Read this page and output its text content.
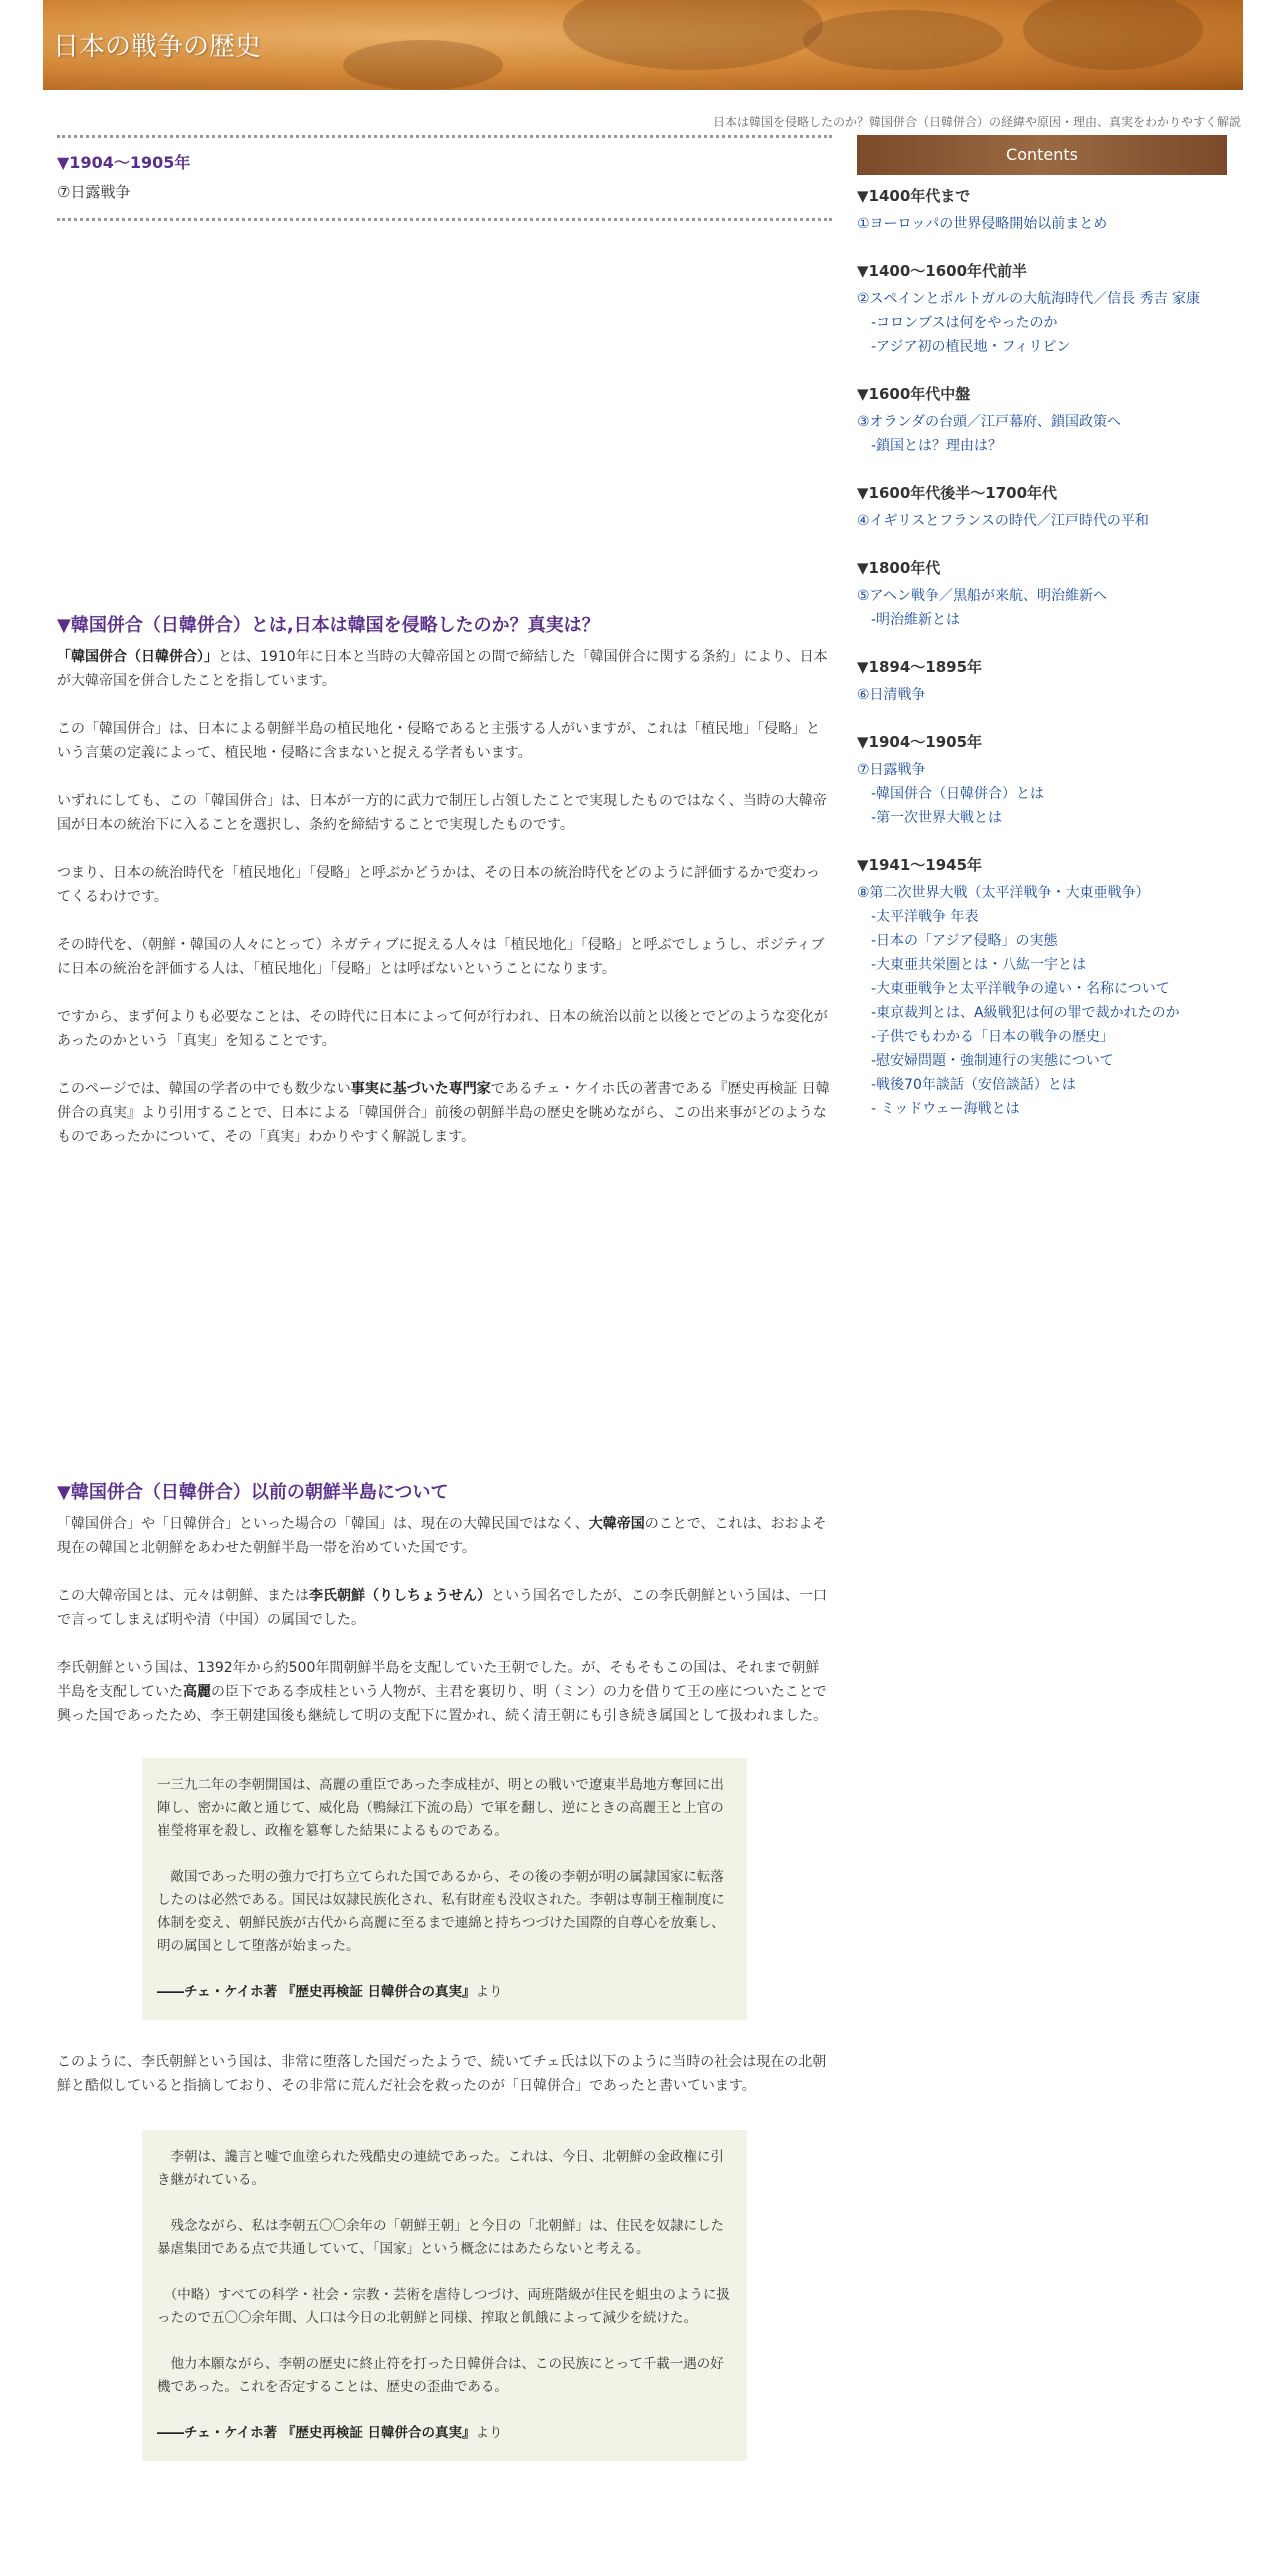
日本の戦争の歴史
日本は韓国を侵略したのか？韓国併合（日韓併合）の経緯や原因・理由、真実をわかりやすく解説
▼1904〜1905年
⑦日露戦争
▼韓国併合（日韓併合）とは,日本は韓国を侵略したのか？真実は？

「韓国併合（日韓併合）」とは、1910年に日本と当時の大韓帝国との間で締結した「韓国併合に関する条約」により、日本が大韓帝国を併合したことを指しています。

この「韓国併合」は、日本による朝鮮半島の植民地化・侵略であると主張する人がいますが、これは「植民地」「侵略」という言葉の定義によって、植民地・侵略に含まないと捉える学者もいます。

いずれにしても、この「韓国併合」は、日本が一方的に武力で制圧し占領したことで実現したものではなく、当時の大韓帝国が日本の統治下に入ることを選択し、条約を締結することで実現したものです。

つまり、日本の統治時代を「植民地化」「侵略」と呼ぶかどうかは、その日本の統治時代をどのように評価するかで変わってくるわけです。

その時代を、（朝鮮・韓国の人々にとって）ネガティブに捉える人々は「植民地化」「侵略」と呼ぶでしょうし、ポジティブに日本の統治を評価する人は、「植民地化」「侵略」とは呼ばないということになります。

ですから、まず何よりも必要なことは、その時代に日本によって何が行われ、日本の統治以前と以後とでどのような変化があったのかという「真実」を知ることです。

このページでは、韓国の学者の中でも数少ない事実に基づいた専門家であるチェ・ケイホ氏の著書である『歴史再検証 日韓併合の真実』より引用することで、日本による「韓国併合」前後の朝鮮半島の歴史を眺めながら、この出来事がどのようなものであったかについて、その「真実」わかりやすく解説します。

▼韓国併合（日韓併合）以前の朝鮮半島について

「韓国併合」や「日韓併合」といった場合の「韓国」は、現在の大韓民国ではなく、大韓帝国のことで、これは、おおよそ現在の韓国と北朝鮮をあわせた朝鮮半島一帯を治めていた国です。

この大韓帝国とは、元々は朝鮮、または李氏朝鮮（りしちょうせん）という国名でしたが、この李氏朝鮮という国は、一口で言ってしまえば明や清（中国）の属国でした。

李氏朝鮮という国は、1392年から約500年間朝鮮半島を支配していた王朝でした。が、そもそもこの国は、それまで朝鮮半島を支配していた高麗の臣下である李成桂という人物が、主君を裏切り、明（ミン）の力を借りて王の座についたことで興った国であったため、李王朝建国後も継続して明の支配下に置かれ、続く清王朝にも引き続き属国として扱われました。

一三九二年の李朝開国は、高麗の重臣であった李成桂が、明との戦いで遼東半島地方奪回に出陣し、密かに敵と通じて、威化島（鴨緑江下流の島）で軍を翻し、逆にときの高麗王と上官の崔瑩将軍を殺し、政権を簒奪した結果によるものである。

　敵国であった明の強力で打ち立てられた国であるから、その後の李朝が明の属隷国家に転落したのは必然である。国民は奴隷民族化され、私有財産も没収された。李朝は専制王権制度に体制を変え、朝鮮民族が古代から高麗に至るまで連綿と持ちつづけた国際的自尊心を放棄し、明の属国として堕落が始まった。

――チェ・ケイホ著 『歴史再検証 日韓併合の真実』より

このように、李氏朝鮮という国は、非常に堕落した国だったようで、続いてチェ氏は以下のように当時の社会は現在の北朝鮮と酷似していると指摘しており、その非常に荒んだ社会を救ったのが「日韓併合」であったと書いています。

　李朝は、讒言と嘘で血塗られた残酷史の連続であった。これは、今日、北朝鮮の金政権に引き継がれている。

　残念ながら、私は李朝五〇〇余年の「朝鮮王朝」と今日の「北朝鮮」は、住民を奴隷にした暴虐集団である点で共通していて、「国家」という概念にはあたらないと考える。

　（中略）すべての科学・社会・宗教・芸術を虐待しつづけ、両班階級が住民を蛆虫のように扱ったので五〇〇余年間、人口は今日の北朝鮮と同様、搾取と飢餓によって減少を続けた。

　他力本願ながら、李朝の歴史に終止符を打った日韓併合は、この民族にとって千載一遇の好機であった。これを否定することは、歴史の歪曲である。

――チェ・ケイホ著 『歴史再検証 日韓併合の真実』より

Contents
▼1400年代まで
①ヨーロッパの世界侵略開始以前まとめ
▼1400～1600年代前半
②スペインとポルトガルの大航海時代／信長 秀吉 家康
-コロンブスは何をやったのか
-アジア初の植民地・フィリピン
▼1600年代中盤
③オランダの台頭／江戸幕府、鎖国政策へ
-鎖国とは？理由は？
▼1600年代後半～1700年代
④イギリスとフランスの時代／江戸時代の平和
▼1800年代
⑤アヘン戦争／黒船が来航、明治維新へ
-明治維新とは
▼1894～1895年
⑥日清戦争
▼1904～1905年
⑦日露戦争
-韓国併合（日韓併合）とは
-第一次世界大戦とは
▼1941～1945年
⑧第二次世界大戦（太平洋戦争・大東亜戦争）
-太平洋戦争 年表
-日本の「アジア侵略」の実態
-大東亜共栄圏とは・八紘一宇とは
-大東亜戦争と太平洋戦争の違い・名称について
-東京裁判とは、A級戦犯は何の罪で裁かれたのか
-子供でもわかる「日本の戦争の歴史」
-慰安婦問題・強制連行の実態について
-戦後70年談話（安倍談話）とは
- ミッドウェー海戦とは
